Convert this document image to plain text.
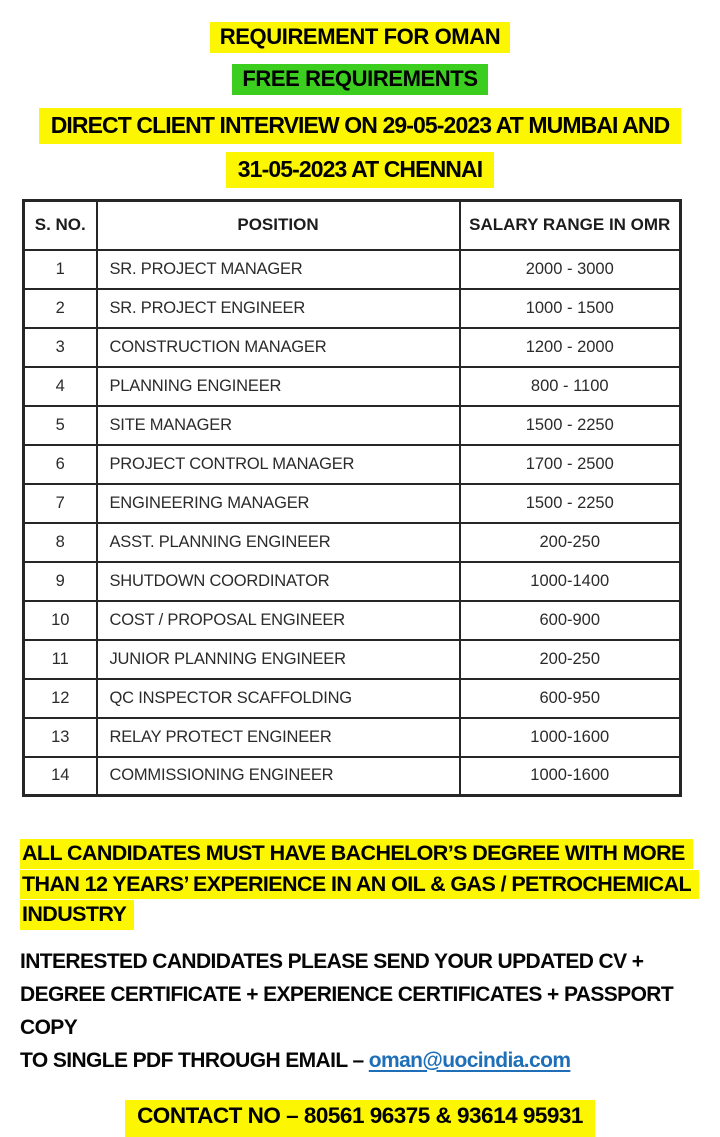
REQUIREMENT FOR OMAN
FREE REQUIREMENTS
DIRECT CLIENT INTERVIEW ON 29-05-2023 AT MUMBAI AND
31-05-2023 AT CHENNAI
S. NO.	POSITION	SALARY RANGE IN OMR
1	SR. PROJECT MANAGER	2000 - 3000
2	SR. PROJECT ENGINEER	1000 - 1500
3	CONSTRUCTION MANAGER	1200 - 2000
4	PLANNING ENGINEER	800 - 1100
5	SITE MANAGER	1500 - 2250
6	PROJECT CONTROL MANAGER	1700 - 2500
7	ENGINEERING MANAGER	1500 - 2250
8	ASST. PLANNING ENGINEER	200-250
9	SHUTDOWN COORDINATOR	1000-1400
10	COST / PROPOSAL ENGINEER	600-900
11	JUNIOR PLANNING ENGINEER	200-250
12	QC INSPECTOR SCAFFOLDING	600-950
13	RELAY PROTECT ENGINEER	1000-1600
14	COMMISSIONING ENGINEER	1000-1600
ALL CANDIDATES MUST HAVE BACHELOR’S DEGREE WITH MORE
THAN 12 YEARS’ EXPERIENCE IN AN OIL & GAS / PETROCHEMICAL
INDUSTRY
INTERESTED CANDIDATES PLEASE SEND YOUR UPDATED CV +
DEGREE CERTIFICATE + EXPERIENCE CERTIFICATES + PASSPORT COPY
TO SINGLE PDF THROUGH EMAIL – oman@uocindia.com
CONTACT NO – 80561 96375 & 93614 95931
